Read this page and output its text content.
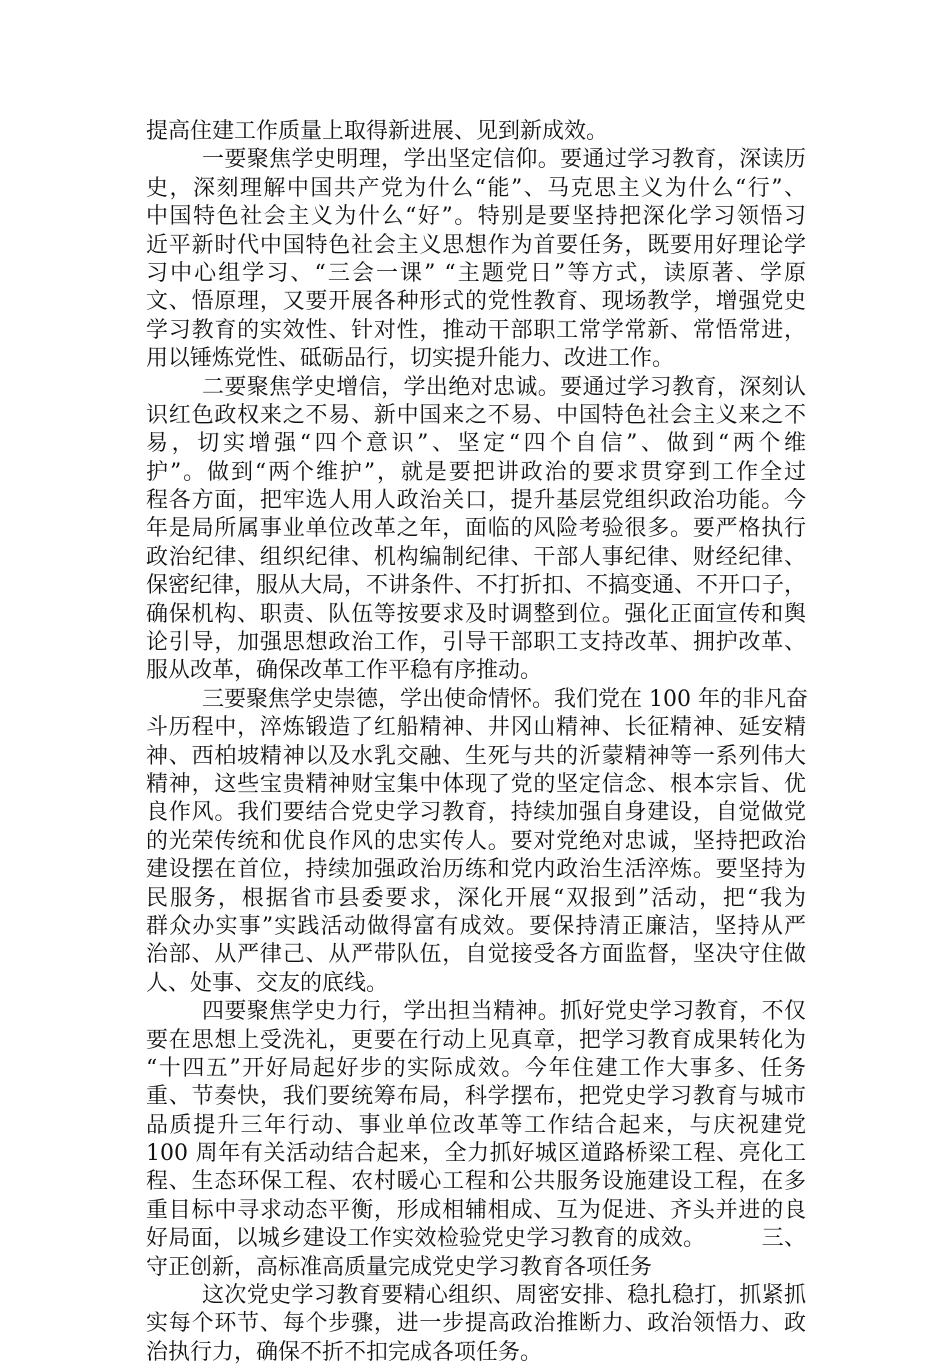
提高住建工作质量上取得新进展、见到新成效。
一要聚焦学史明理，学出坚定信仰。要通过学习教育，深读历
史，深刻理解中国共产党为什么“能”、马克思主义为什么“行”、
中国特色社会主义为什么“好”。特别是要坚持把深化学习领悟习
近平新时代中国特色社会主义思想作为首要任务，既要用好理论学
习中心组学习、“三会一课” “主题党日”等方式，读原著、学原
文、悟原理，又要开展各种形式的党性教育、现场教学，增强党史
学习教育的实效性、针对性，推动干部职工常学常新、常悟常进，
用以锤炼党性、砥砺品行，切实提升能力、改进工作。
二要聚焦学史增信，学出绝对忠诚。要通过学习教育，深刻认
识红色政权来之不易、新中国来之不易、中国特色社会主义来之不
易，切实增强“四个意识”、坚定“四个自信”、做到“两个维
护”。做到“两个维护”，就是要把讲政治的要求贯穿到工作全过
程各方面，把牢选人用人政治关口，提升基层党组织政治功能。今
年是局所属事业单位改革之年，面临的风险考验很多。要严格执行
政治纪律、组织纪律、机构编制纪律、干部人事纪律、财经纪律、
保密纪律，服从大局，不讲条件、不打折扣、不搞变通、不开口子，
确保机构、职责、队伍等按要求及时调整到位。强化正面宣传和舆
论引导，加强思想政治工作，引导干部职工支持改革、拥护改革、
服从改革，确保改革工作平稳有序推动。
三要聚焦学史崇德，学出使命情怀。我们党在 100 年的非凡奋
斗历程中，淬炼锻造了红船精神、井冈山精神、长征精神、延安精
神、西柏坡精神以及水乳交融、生死与共的沂蒙精神等一系列伟大
精神，这些宝贵精神财宝集中体现了党的坚定信念、根本宗旨、优
良作风。我们要结合党史学习教育，持续加强自身建设，自觉做党
的光荣传统和优良作风的忠实传人。要对党绝对忠诚，坚持把政治
建设摆在首位，持续加强政治历练和党内政治生活淬炼。要坚持为
民服务，根据省市县委要求，深化开展“双报到”活动，把“我为
群众办实事”实践活动做得富有成效。要保持清正廉洁，坚持从严
治部、从严律己、从严带队伍，自觉接受各方面监督，坚决守住做
人、处事、交友的底线。
四要聚焦学史力行，学出担当精神。抓好党史学习教育，不仅
要在思想上受洗礼，更要在行动上见真章，把学习教育成果转化为
“十四五”开好局起好步的实际成效。今年住建工作大事多、任务
重、节奏快，我们要统筹布局，科学摆布，把党史学习教育与城市
品质提升三年行动、事业单位改革等工作结合起来，与庆祝建党
100 周年有关活动结合起来，全力抓好城区道路桥梁工程、亮化工
程、生态环保工程、农村暖心工程和公共服务设施建设工程，在多
重目标中寻求动态平衡，形成相辅相成、互为促进、齐头并进的良
好局面，以城乡建设工作实效检验党史学习教育的成效。　　　三、
守正创新，高标准高质量完成党史学习教育各项任务
这次党史学习教育要精心组织、周密安排、稳扎稳打，抓紧抓
实每个环节、每个步骤，进一步提高政治推断力、政治领悟力、政
治执行力，确保不折不扣完成各项任务。
